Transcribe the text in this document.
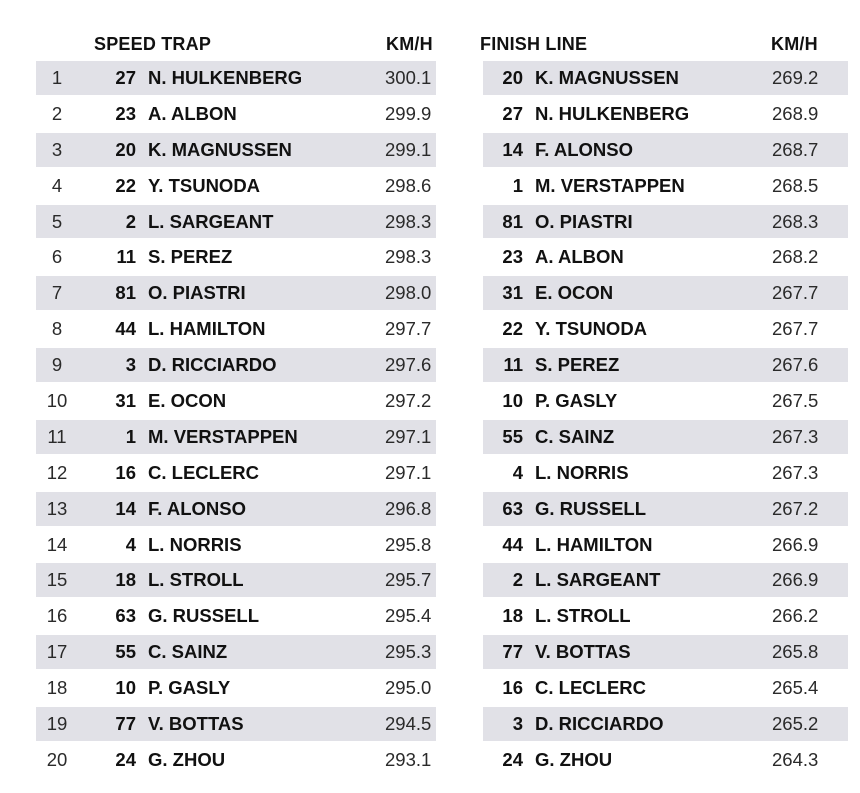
SPEED TRAP	KM/H	FINISH LINE	KM/H
1	27 N. HULKENBERG	300.1	20 K. MAGNUSSEN	269.2
2	23 A. ALBON	299.9	27 N. HULKENBERG	268.9
3	20 K. MAGNUSSEN	299.1	14 F. ALONSO	268.7
4	22 Y. TSUNODA	298.6	1 M. VERSTAPPEN	268.5
5	2 L. SARGEANT	298.3	81 O. PIASTRI	268.3
6	11 S. PEREZ	298.3	23 A. ALBON	268.2
7	81 O. PIASTRI	298.0	31 E. OCON	267.7
8	44 L. HAMILTON	297.7	22 Y. TSUNODA	267.7
9	3 D. RICCIARDO	297.6	11 S. PEREZ	267.6
10	31 E. OCON	297.2	10 P. GASLY	267.5
11	1 M. VERSTAPPEN	297.1	55 C. SAINZ	267.3
12	16 C. LECLERC	297.1	4 L. NORRIS	267.3
13	14 F. ALONSO	296.8	63 G. RUSSELL	267.2
14	4 L. NORRIS	295.8	44 L. HAMILTON	266.9
15	18 L. STROLL	295.7	2 L. SARGEANT	266.9
16	63 G. RUSSELL	295.4	18 L. STROLL	266.2
17	55 C. SAINZ	295.3	77 V. BOTTAS	265.8
18	10 P. GASLY	295.0	16 C. LECLERC	265.4
19	77 V. BOTTAS	294.5	3 D. RICCIARDO	265.2
20	24 G. ZHOU	293.1	24 G. ZHOU	264.3
